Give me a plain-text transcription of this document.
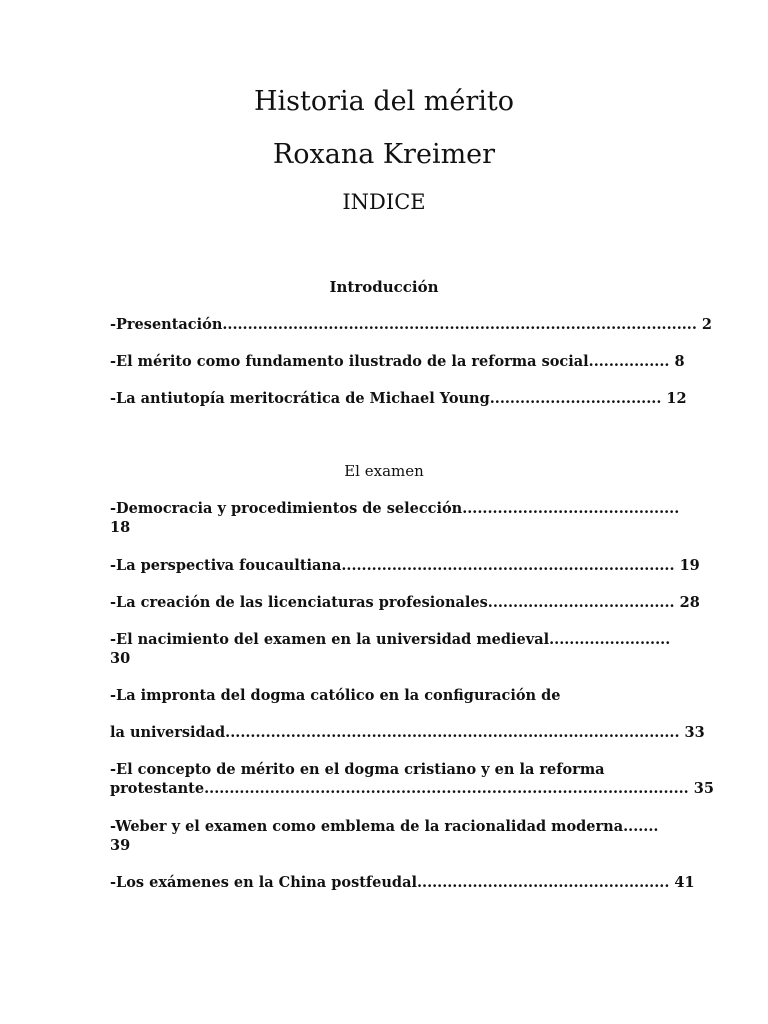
Historia del mérito
Roxana Kreimer
INDICE
Introducción
-Presentación.............................................................................................. 2
-El mérito como fundamento ilustrado de la reforma social................ 8
-La antiutopía meritocrática de Michael Young.................................. 12
El examen
-Democracia y procedimientos de selección...........................................
18
-La perspectiva foucaultiana.................................................................. 19
-La creación de las licenciaturas profesionales..................................... 28
-El nacimiento del examen en la universidad medieval........................
30
-La impronta del dogma católico en la configuración de
la universidad.......................................................................................... 33
-El concepto de mérito en el dogma cristiano y en la reforma
protestante................................................................................................ 35
-Weber y el examen como emblema de la racionalidad moderna.......
39
-Los exámenes en la China postfeudal.................................................. 41
